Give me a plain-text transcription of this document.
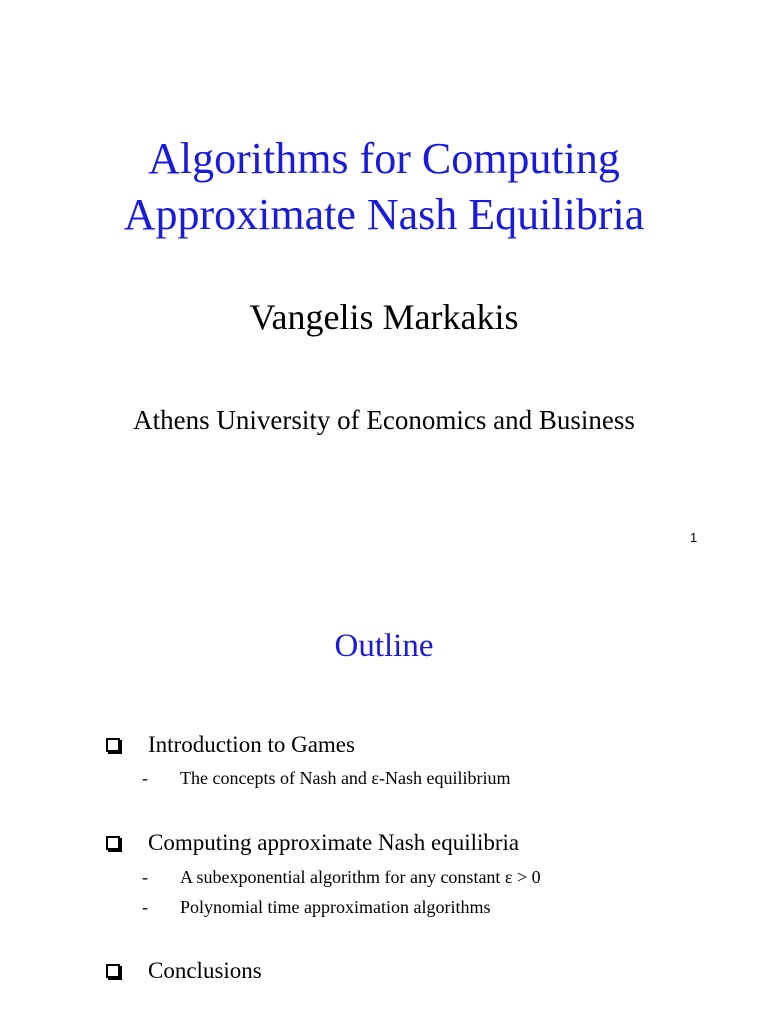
Algorithms for Computing
Approximate Nash Equilibria
Vangelis Markakis
Athens University of Economics and Business
1
Outline
Introduction to Games
- The concepts of Nash and ε-Nash equilibrium
Computing approximate Nash equilibria
- A subexponential algorithm for any constant ε > 0
- Polynomial time approximation algorithms
Conclusions
